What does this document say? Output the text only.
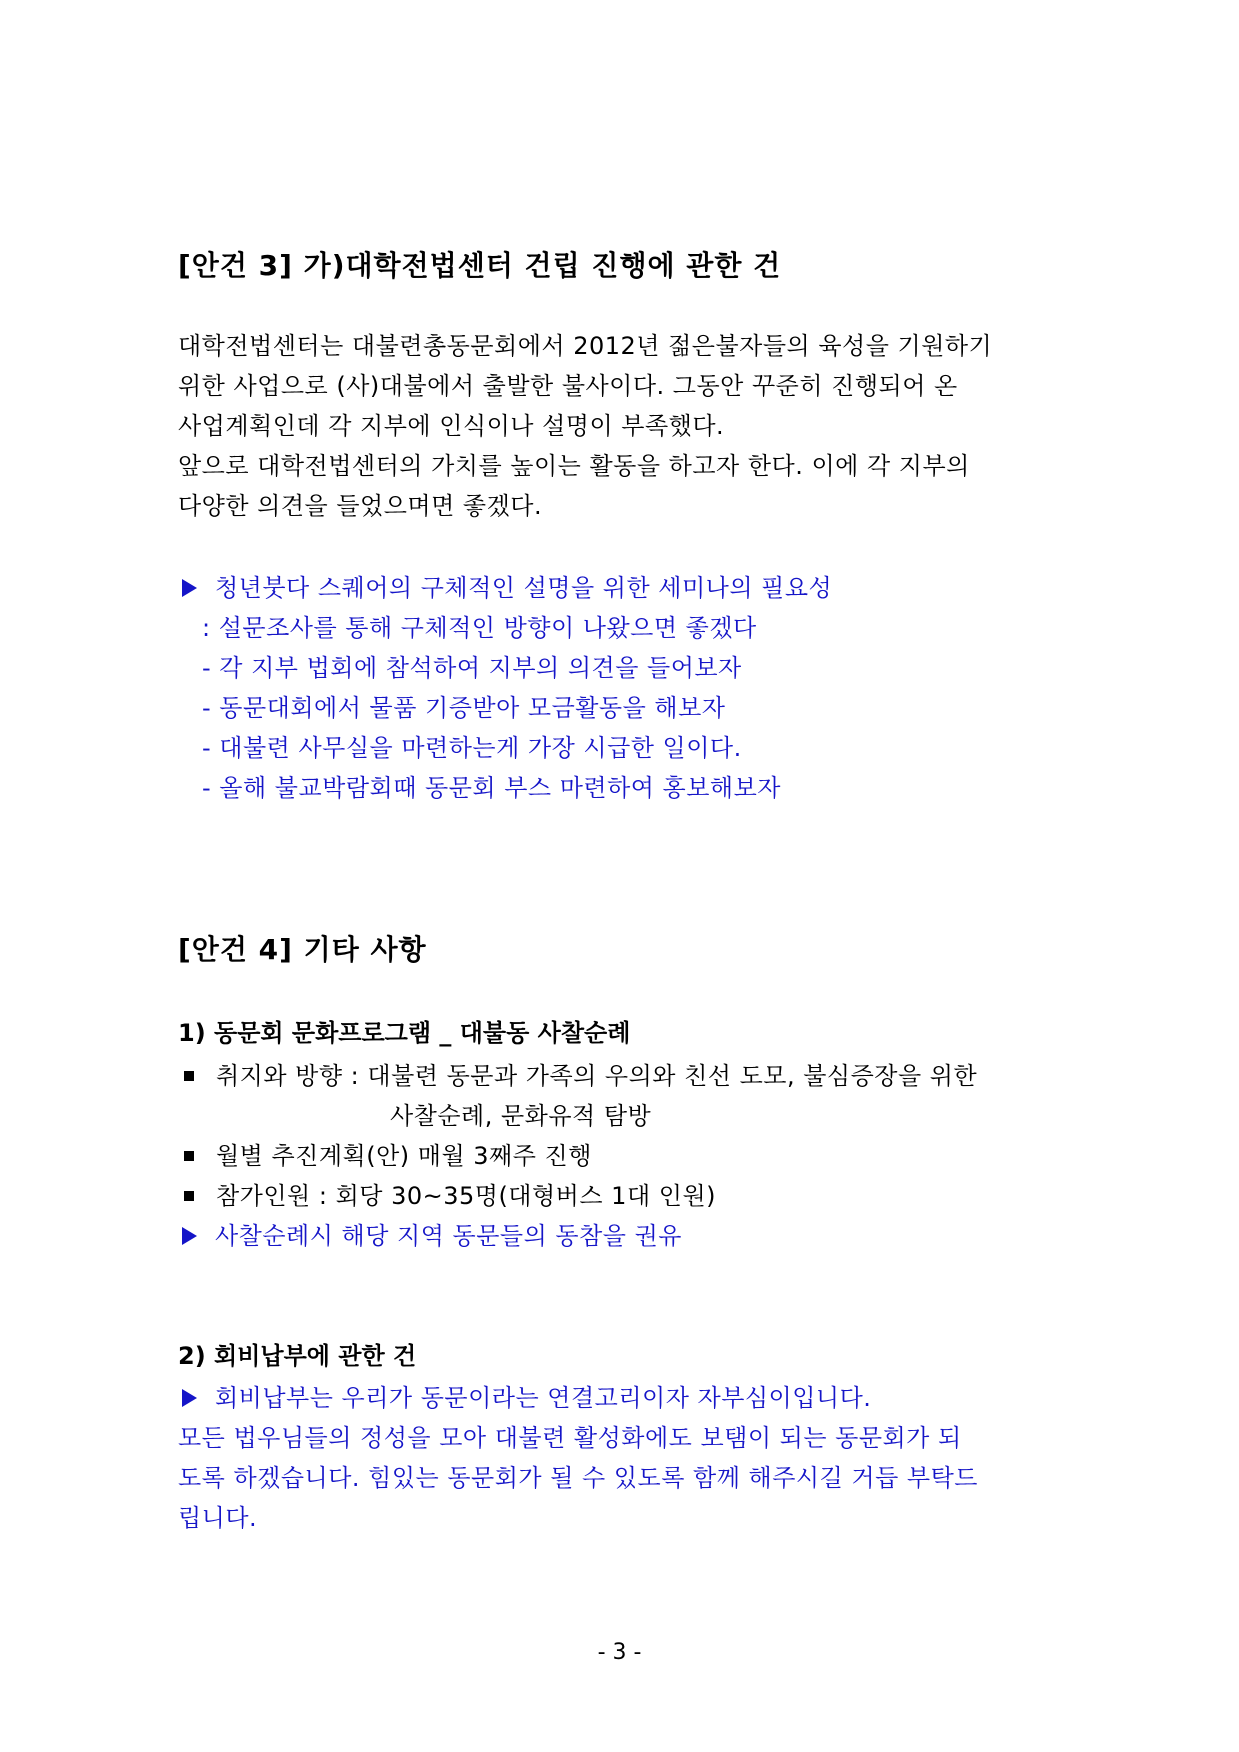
[안건 3] 가)대학전법센터 건립 진행에 관한 건
대학전법센터는 대불련총동문회에서 2012년 젊은불자들의 육성을 기원하기
위한 사업으로 (사)대불에서 출발한 불사이다. 그동안 꾸준히 진행되어 온
사업계획인데 각 지부에 인식이나 설명이 부족했다.
앞으로 대학전법센터의 가치를 높이는 활동을 하고자 한다. 이에 각 지부의
다양한 의견을 들었으며면 좋겠다.
청년붓다 스퀘어의 구체적인 설명을 위한 세미나의 필요성
: 설문조사를 통해 구체적인 방향이 나왔으면 좋겠다
- 각 지부 법회에 참석하여 지부의 의견을 들어보자
- 동문대회에서 물품 기증받아 모금활동을 해보자
- 대불련 사무실을 마련하는게 가장 시급한 일이다.
- 올해 불교박람회때 동문회 부스 마련하여 홍보해보자
[안건 4] 기타 사항
1) 동문회 문화프로그램 _ 대불동 사찰순례
취지와 방향 : 대불련 동문과 가족의 우의와 친선 도모, 불심증장을 위한
사찰순례, 문화유적 탐방
월별 추진계획(안) 매월 3째주 진행
참가인원 : 회당 30~35명(대형버스 1대 인원)
사찰순례시 해당 지역 동문들의 동참을 권유
2) 회비납부에 관한 건
회비납부는 우리가 동문이라는 연결고리이자 자부심이입니다.
모든 법우님들의 정성을 모아 대불련 활성화에도 보탬이 되는 동문회가 되
도록 하겠습니다. 힘있는 동문회가 될 수 있도록 함께 해주시길 거듭 부탁드
립니다.
- 3 -
